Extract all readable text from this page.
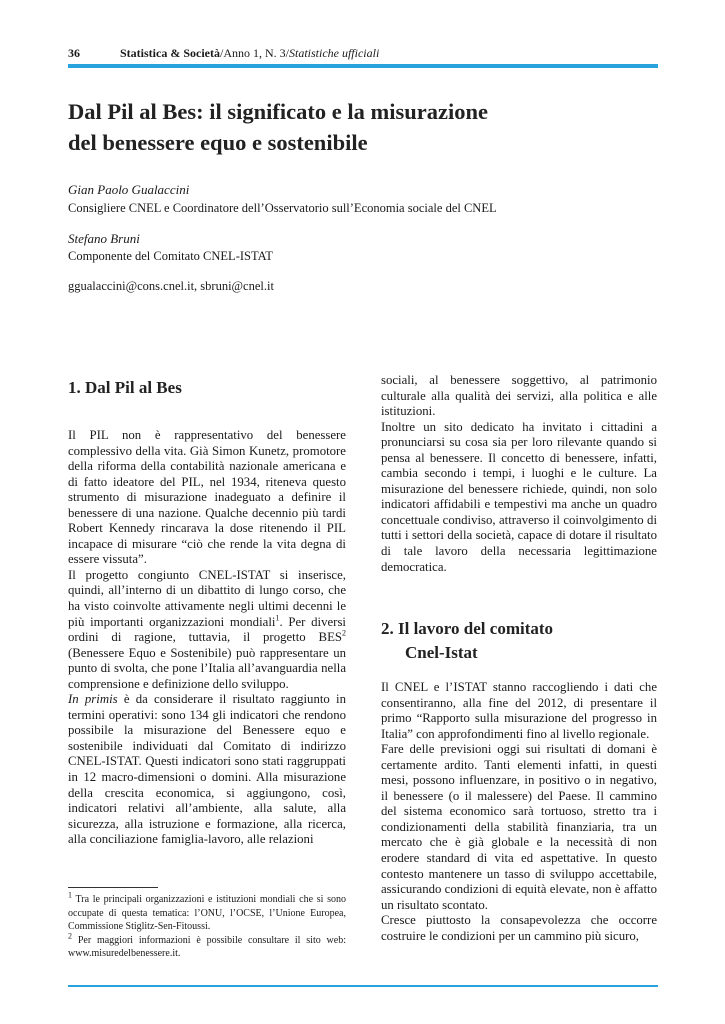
36	Statistica & Società/Anno 1, N. 3/Statistiche ufficiali
Dal Pil al Bes: il significato e la misurazione
del benessere equo e sostenibile
Gian Paolo Gualaccini
Consigliere CNEL e Coordinatore dell’Osservatorio sull’Economia sociale del CNEL
Stefano Bruni
Componente del Comitato CNEL-ISTAT
ggualaccini@cons.cnel.it, sbruni@cnel.it
1. Dal Pil al Bes

Il PIL non è rappresentativo del benessere complessivo della vita. Già Simon Kunetz, promotore della riforma della contabilità nazionale americana e di fatto ideatore del PIL, nel 1934, riteneva questo strumento di misurazione inadeguato a definire il benessere di una nazione. Qualche decennio più tardi Robert Kennedy rincarava la dose ritenendo il PIL incapace di misurare “ciò che rende la vita degna di essere vissuta”.

Il progetto congiunto CNEL-ISTAT si inserisce, quindi, all’interno di un dibattito di lungo corso, che ha visto coinvolte attivamente negli ultimi decenni le più importanti organizzazioni mondiali$^1$. Per diversi ordini di ragione, tuttavia, il progetto BES$^2$ (Benessere Equo e Sostenibile) può rappresentare un punto di svolta, che pone l’Italia all’avanguardia nella comprensione e definizione dello sviluppo.

In primis è da considerare il risultato raggiunto in termini operativi: sono 134 gli indicatori che rendono possibile la misurazione del Benessere equo e sostenibile individuati dal Comitato di indirizzo CNEL-ISTAT. Questi indicatori sono stati raggruppati in 12 macro-dimensioni o domini. Alla misurazione della crescita economica, si aggiungono, così, indicatori relativi all’ambiente, alla salute, alla sicurezza, alla istruzione e formazione, alla ricerca, alla conciliazione famiglia-lavoro, alle relazioni

$^1$ Tra le principali organizzazioni e istituzioni mondiali che si sono occupate di questa tematica: l’ONU, l’OCSE, l’Unione Europea, Commissione Stiglitz-Sen-Fitoussi.

$^2$ Per maggiori informazioni è possibile consultare il sito web: www.misuredelbenessere.it.

sociali, al benessere soggettivo, al patrimonio culturale alla qualità dei servizi, alla politica e alle istituzioni.

Inoltre un sito dedicato ha invitato i cittadini a pronunciarsi su cosa sia per loro rilevante quando si pensa al benessere. Il concetto di benessere, infatti, cambia secondo i tempi, i luoghi e le culture. La misurazione del benessere richiede, quindi, non solo indicatori affidabili e tempestivi ma anche un quadro concettuale condiviso, attraverso il coinvolgimento di tutti i settori della società, capace di dotare il risultato di tale lavoro della necessaria legittimazione democratica.

2. Il lavoro del comitato
Cnel-Istat

Il CNEL e l’ISTAT stanno raccogliendo i dati che consentiranno, alla fine del 2012, di presentare il primo “Rapporto sulla misurazione del progresso in Italia” con approfondimenti fino al livello regionale.

Fare delle previsioni oggi sui risultati di domani è certamente ardito. Tanti elementi infatti, in questi mesi, possono influenzare, in positivo o in negativo, il benessere (o il malessere) del Paese. Il cammino del sistema economico sarà tortuoso, stretto tra i condizionamenti della stabilità finanziaria, tra un mercato che è già globale e la necessità di non erodere standard di vita ed aspettative. In questo contesto mantenere un tasso di sviluppo accettabile, assicurando condizioni di equità elevate, non è affatto un risultato scontato.

Cresce piuttosto la consapevolezza che occorre costruire le condizioni per un cammino più sicuro,
